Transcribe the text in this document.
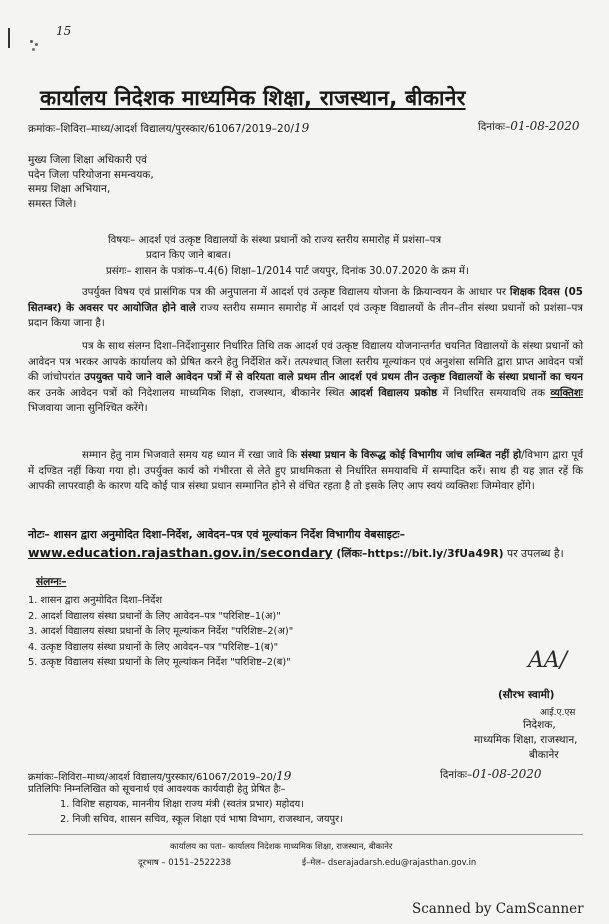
15
कार्यालय निदेशक माध्यमिक शिक्षा, राजस्थान, बीकानेर
क्रमांकः–शिविरा–माध्य/आदर्श विद्यालय/पुरस्कार/61067/2019–20/19	दिनांकः–01-08-2020
मुख्य जिला शिक्षा अधिकारी एवं
पदेन जिला परियोजना समन्वयक,
समग्र शिक्षा अभियान,
समस्त जिले।
विषयः– आदर्श एवं उत्कृष्ट विद्यालयों के संस्था प्रधानों को राज्य स्तरीय समारोह में प्रशंसा–पत्र
प्रदान किए जाने बाबत।
प्रसंगः– शासन के पत्रांक–प.4(6) शिक्षा–1/2014 पार्ट जयपुर, दिनांक 30.07.2020 के क्रम में।
उपर्युक्त विषय एवं प्रासंगिक पत्र की अनुपालना में आदर्श एवं उत्कृष्ट विद्यालय योजना के क्रियान्वयन के आधार पर शिक्षक दिवस (05 सितम्बर) के अवसर पर आयोजित होने वाले राज्य स्तरीय सम्मान समारोह में आदर्श एवं उत्कृष्ट विद्यालयों के तीन–तीन संस्था प्रधानों को प्रशंसा–पत्र प्रदान किया जाना है।
पत्र के साथ संलग्न दिशा–निर्देशानुसार निर्धारित तिथि तक आदर्श एवं उत्कृष्ट विद्यालय योजनान्तर्गत चयनित विद्यालयों के संस्था प्रधानों को आवेदन पत्र भरकर आपके कार्यालय को प्रेषित करने हेतु निर्देशित करें। तत्पश्चात् जिला स्तरीय मूल्यांकन एवं अनुशंसा समिति द्वारा प्राप्त आवेदन पत्रों की जांचोपरांत उपयुक्त पाये जाने वाले आवेदन पत्रों में से वरियता वाले प्रथम तीन आदर्श एवं प्रथम तीन उत्कृष्ट विद्यालयों के संस्था प्रधानों का चयन कर उनके आवेदन पत्रों को निदेशालय माध्यमिक शिक्षा, राजस्थान, बीकानेर स्थित आदर्श विद्यालय प्रकोष्ठ में निर्धारित समयावधि तक व्यक्तिशः भिजवाया जाना सुनिश्चित करेंगे।
सम्मान हेतु नाम भिजवाते समय यह ध्यान में रखा जावे कि संस्था प्रधान के विरूद्ध कोई विभागीय जांच लम्बित नहीं हो/विभाग द्वारा पूर्व में दण्डित नहीं किया गया हो। उपर्युक्त कार्य को गंभीरता से लेते हुए प्राथमिकता से निर्धारित समयावधि में सम्पादित करें। साथ ही यह ज्ञात रहें कि आपकी लापरवाही के कारण यदि कोई पात्र संस्था प्रधान सम्मानित होने से वंचित रहता है तो इसके लिए आप स्वयं व्यक्तिशः जिम्मेवार होंगे।
नोटः– शासन द्वारा अनुमोदित दिशा–निर्देश, आवेदन–पत्र एवं मूल्यांकन निर्देश विभागीय वेबसाइटः–
www.education.rajasthan.gov.in/secondary (लिंकः–https://bit.ly/3fUa49R) पर उपलब्ध है।
संलग्नः–
1. शासन द्वारा अनुमोदित दिशा–निर्देश
2. आदर्श विद्यालय संस्था प्रधानों के लिए आवेदन–पत्र "परिशिष्ट–1(अ)"
3. आदर्श विद्यालय संस्था प्रधानों के लिए मूल्यांकन निर्देश "परिशिष्ट–2(अ)"
4. उत्कृष्ट विद्यालय संस्था प्रधानों के लिए आवेदन–पत्र "परिशिष्ट–1(ब)"
5. उत्कृष्ट विद्यालय संस्था प्रधानों के लिए मूल्यांकन निर्देश "परिशिष्ट–2(ब)"	AA/
(सौरभ स्वामी)
आई.ए.एस
निदेशक,
माध्यमिक शिक्षा, राजस्थान,
बीकानेर
क्रमांकः–शिविरा–माध्य/आदर्श विद्यालय/पुरस्कार/61067/2019–20/19	दिनांकः–01-08-2020
प्रतिलिपिः निम्नलिखित को सूचनार्थ एवं आवश्यक कार्यवाही हेतु प्रेषित हैः–
1. विशिष्ट सहायक, माननीय शिक्षा राज्य मंत्री (स्वतंत्र प्रभार) महोदय।
2. निजी सचिव, शासन सचिव, स्कूल शिक्षा एवं भाषा विभाग, राजस्थान, जयपुर।
कार्यालय का पता– कार्यालय निदेशक माध्यमिक शिक्षा, राजस्थान, बीकानेर
दूरभाष – 0151–2522238	ई–मेल– dserajadarsh.edu@rajasthan.gov.in
Scanned by CamScanner
